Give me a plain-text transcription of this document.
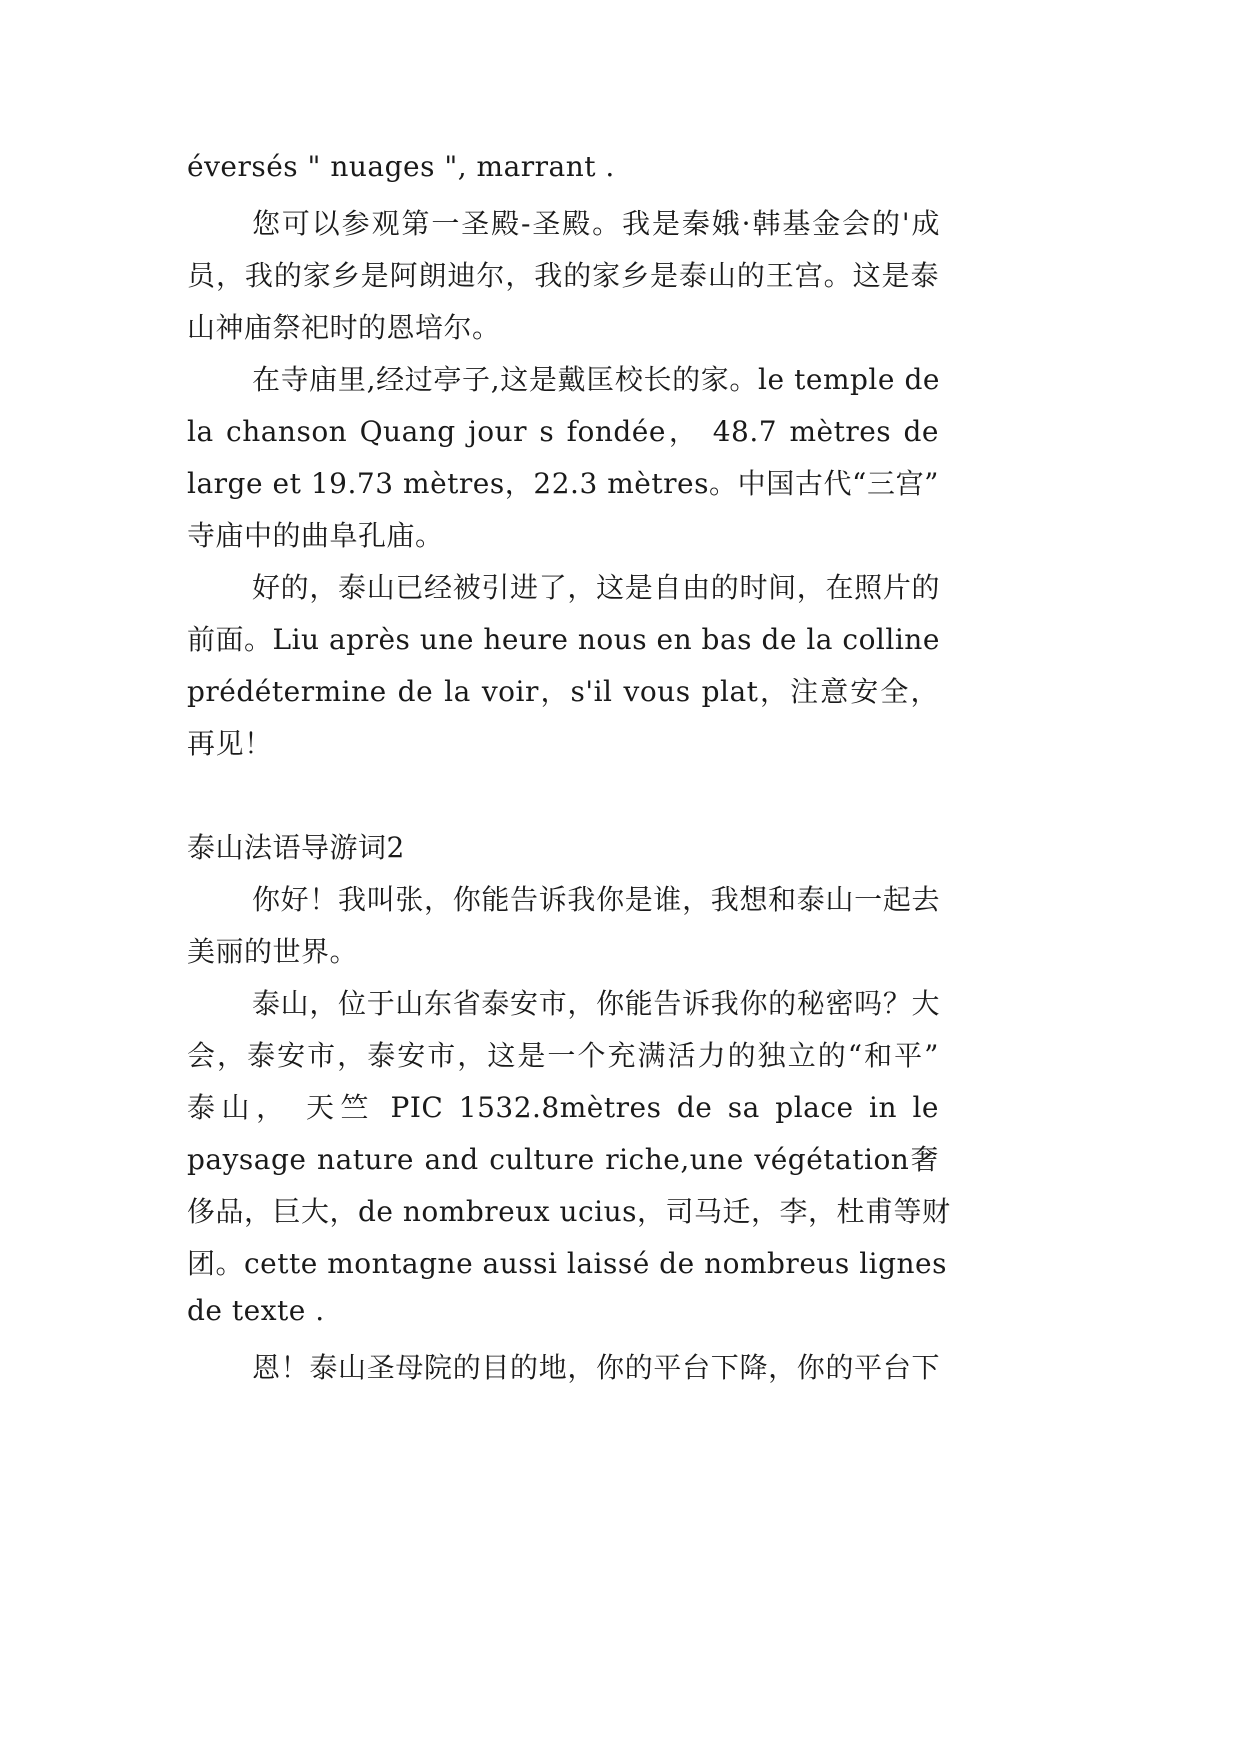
éversés " nuages ", marrant .
您可以参观第一圣殿-圣殿。我是秦娥·韩基金会的'成
员，我的家乡是阿朗迪尔，我的家乡是泰山的王宫。这是泰
山神庙祭祀时的恩培尔。
在寺庙里,经过亭子,这是戴匡校长的家。le temple de
la chanson Quang jour s fondée， 48.7 mètres de
large et 19.73 mètres，22.3 mètres。中国古代“三宫”
寺庙中的曲阜孔庙。
好的，泰山已经被引进了，这是自由的时间，在照片的
前面。Liu après une heure nous en bas de la colline
prédétermine de la voir，s'il vous plat，注意安全，
再见！
泰山法语导游词2
你好！我叫张，你能告诉我你是谁，我想和泰山一起去
美丽的世界。
泰山，位于山东省泰安市，你能告诉我你的秘密吗？大
会，泰安市，泰安市，这是一个充满活力的独立的“和平”
泰山， 天竺 PIC 1532.8mètres de sa place in le
paysage nature and culture riche,une végétation奢
侈品，巨大，de nombreux ucius，司马迁，李，杜甫等财
团。cette montagne aussi laissé de nombreus lignes
de texte .
恩！泰山圣母院的目的地，你的平台下降，你的平台下
